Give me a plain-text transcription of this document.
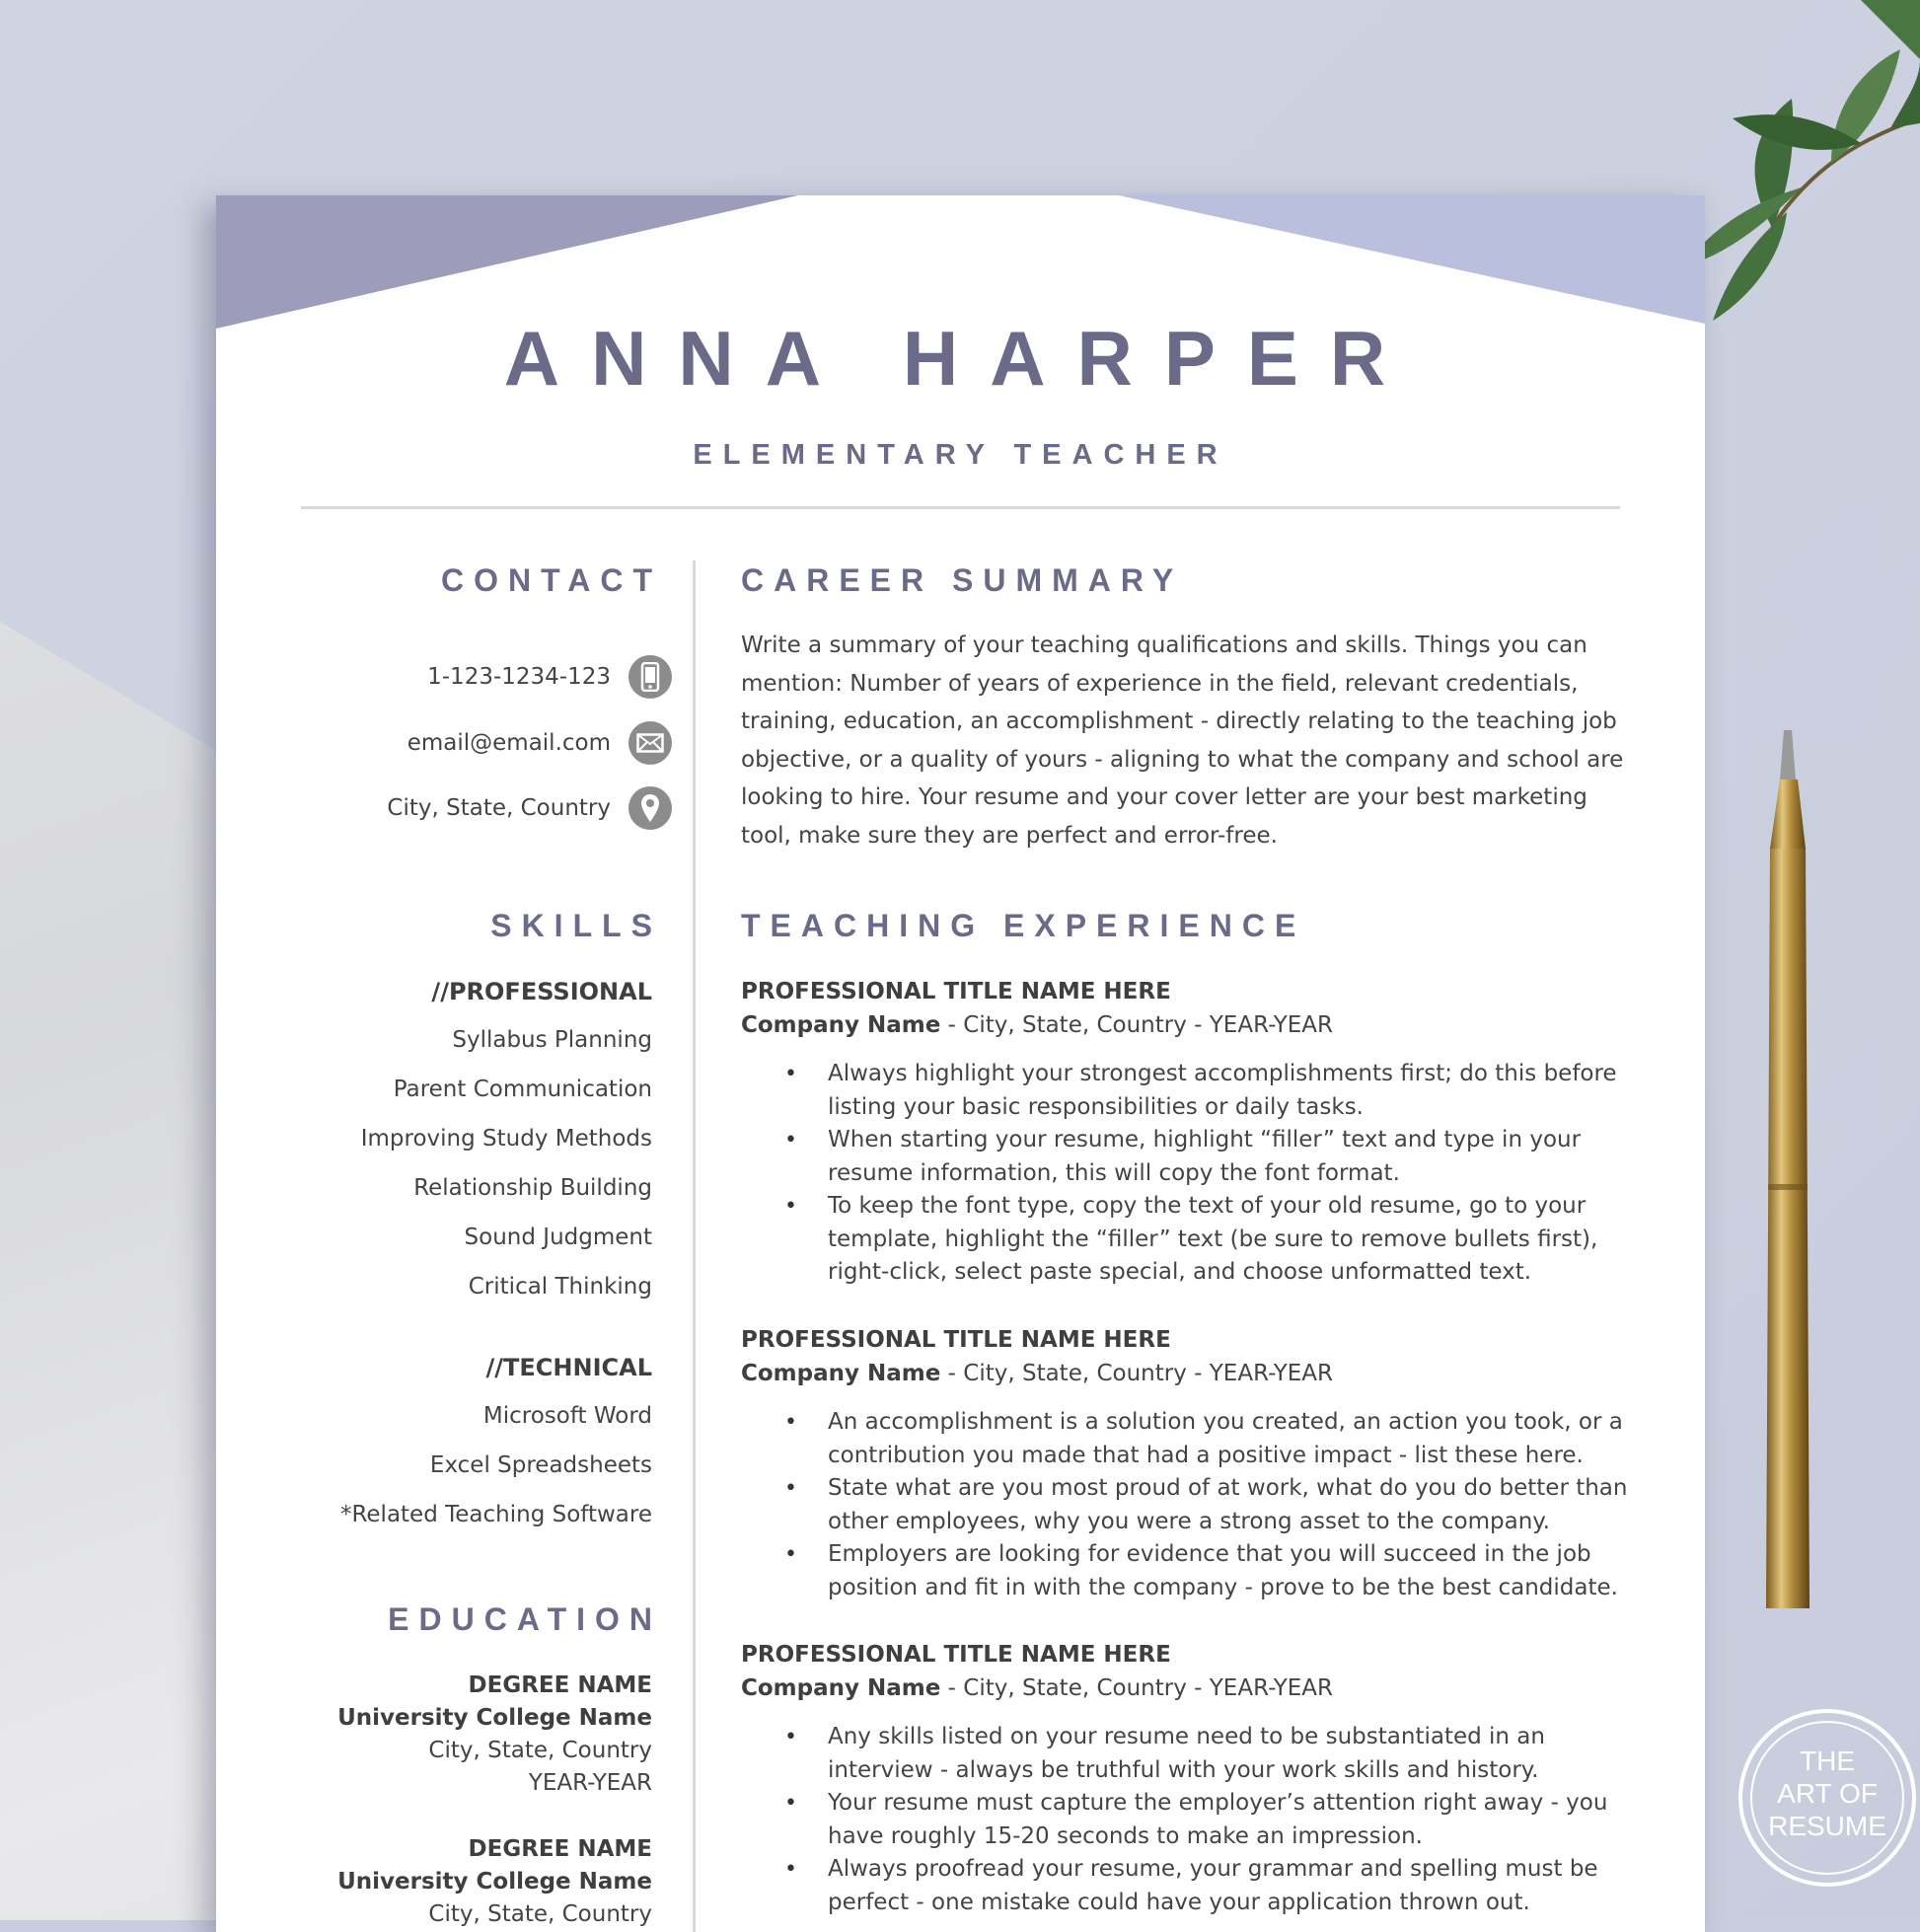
THE
ART OF
RESUME
ANNA HARPER
ELEMENTARY TEACHER
CONTACT
1-123-1234-123
email@email.com
City, State, Country
SKILLS
//PROFESSIONAL
Syllabus Planning
Parent Communication
Improving Study Methods
Relationship Building
Sound Judgment
Critical Thinking
//TECHNICAL
Microsoft Word
Excel Spreadsheets
*Related Teaching Software
EDUCATION
DEGREE NAME
University College Name
City, State, Country
YEAR-YEAR
DEGREE NAME
University College Name
City, State, Country
CAREER SUMMARY
Write a summary of your teaching qualifications and skills. Things you can mention: Number of years of experience in the field, relevant credentials, training, education, an accomplishment - directly relating to the teaching job objective, or a quality of yours - aligning to what the company and school are looking to hire. Your resume and your cover letter are your best marketing tool, make sure they are perfect and error-free.
TEACHING EXPERIENCE
PROFESSIONAL TITLE NAME HERE
Company Name - City, State, Country - YEAR-YEAR
• Always highlight your strongest accomplishments first; do this before listing your basic responsibilities or daily tasks.
• When starting your resume, highlight “filler” text and type in your resume information, this will copy the font format.
• To keep the font type, copy the text of your old resume, go to your template, highlight the “filler” text (be sure to remove bullets first), right-click, select paste special, and choose unformatted text.
PROFESSIONAL TITLE NAME HERE
Company Name - City, State, Country - YEAR-YEAR
• An accomplishment is a solution you created, an action you took, or a contribution you made that had a positive impact - list these here.
• State what are you most proud of at work, what do you do better than other employees, why you were a strong asset to the company.
• Employers are looking for evidence that you will succeed in the job position and fit in with the company - prove to be the best candidate.
PROFESSIONAL TITLE NAME HERE
Company Name - City, State, Country - YEAR-YEAR
• Any skills listed on your resume need to be substantiated in an interview - always be truthful with your work skills and history.
• Your resume must capture the employer’s attention right away - you have roughly 15-20 seconds to make an impression.
• Always proofread your resume, your grammar and spelling must be perfect - one mistake could have your application thrown out.
